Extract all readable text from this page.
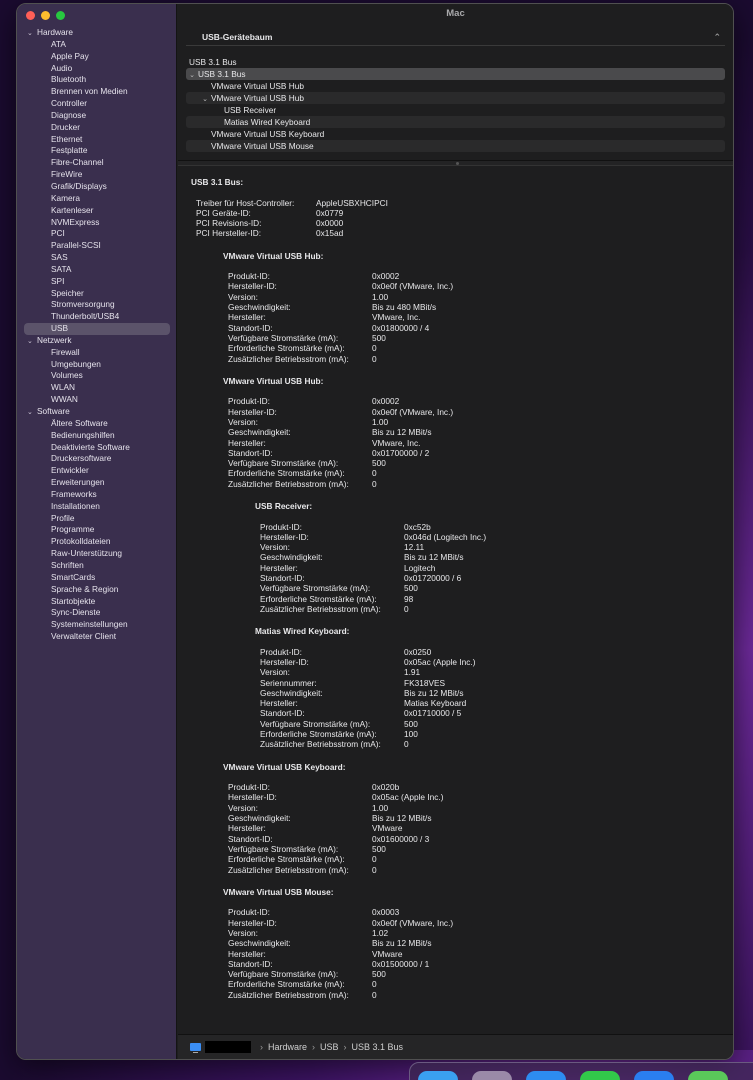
⌄ Hardware
ATA
Apple Pay
Audio
Bluetooth
Brennen von Medien
Controller
Diagnose
Drucker
Ethernet
Festplatte
Fibre-Channel
FireWire
Grafik/Displays
Kamera
Kartenleser
NVMExpress
PCI
Parallel-SCSI
SAS
SATA
SPI
Speicher
Stromversorgung
Thunderbolt/USB4
USB
⌄ Netzwerk
Firewall
Umgebungen
Volumes
WLAN
WWAN
⌄ Software
Ältere Software
Bedienungshilfen
Deaktivierte Software
Druckersoftware
Entwickler
Erweiterungen
Frameworks
Installationen
Profile
Programme
Protokolldateien
Raw-Unterstützung
Schriften
SmartCards
Sprache & Region
Startobjekte
Sync-Dienste
Systemeinstellungen
Verwalteter Client
Mac
USB-Gerätebaum	⌃
USB 3.1 Bus
⌄ USB 3.1 Bus
VMware Virtual USB Hub
⌄ VMware Virtual USB Hub
USB Receiver
Matias Wired Keyboard
VMware Virtual USB Keyboard
VMware Virtual USB Mouse
USB 3.1 Bus:
Treiber für Host-Controller:	AppleUSBXHCIPCI
PCI Geräte-ID:	0x0779
PCI Revisions-ID:	0x0000
PCI Hersteller-ID:	0x15ad
VMware Virtual USB Hub:
Produkt-ID:	0x0002
Hersteller-ID:	0x0e0f (VMware, Inc.)
Version:	1.00
Geschwindigkeit:	Bis zu 480 MBit/s
Hersteller:	VMware, Inc.
Standort-ID:	0x01800000 / 4
Verfügbare Stromstärke (mA):	500
Erforderliche Stromstärke (mA):	0
Zusätzlicher Betriebsstrom (mA):	0
VMware Virtual USB Hub:
Produkt-ID:	0x0002
Hersteller-ID:	0x0e0f (VMware, Inc.)
Version:	1.00
Geschwindigkeit:	Bis zu 12 MBit/s
Hersteller:	VMware, Inc.
Standort-ID:	0x01700000 / 2
Verfügbare Stromstärke (mA):	500
Erforderliche Stromstärke (mA):	0
Zusätzlicher Betriebsstrom (mA):	0
USB Receiver:
Produkt-ID:	0xc52b
Hersteller-ID:	0x046d (Logitech Inc.)
Version:	12.11
Geschwindigkeit:	Bis zu 12 MBit/s
Hersteller:	Logitech
Standort-ID:	0x01720000 / 6
Verfügbare Stromstärke (mA):	500
Erforderliche Stromstärke (mA):	98
Zusätzlicher Betriebsstrom (mA):	0
Matias Wired Keyboard:
Produkt-ID:	0x0250
Hersteller-ID:	0x05ac (Apple Inc.)
Version:	1.91
Seriennummer:	FK318VES
Geschwindigkeit:	Bis zu 12 MBit/s
Hersteller:	Matias Keyboard
Standort-ID:	0x01710000 / 5
Verfügbare Stromstärke (mA):	500
Erforderliche Stromstärke (mA):	100
Zusätzlicher Betriebsstrom (mA):	0
VMware Virtual USB Keyboard:
Produkt-ID:	0x020b
Hersteller-ID:	0x05ac (Apple Inc.)
Version:	1.00
Geschwindigkeit:	Bis zu 12 MBit/s
Hersteller:	VMware
Standort-ID:	0x01600000 / 3
Verfügbare Stromstärke (mA):	500
Erforderliche Stromstärke (mA):	0
Zusätzlicher Betriebsstrom (mA):	0
VMware Virtual USB Mouse:
Produkt-ID:	0x0003
Hersteller-ID:	0x0e0f (VMware, Inc.)
Version:	1.02
Geschwindigkeit:	Bis zu 12 MBit/s
Hersteller:	VMware
Standort-ID:	0x01500000 / 1
Verfügbare Stromstärke (mA):	500
Erforderliche Stromstärke (mA):	0
Zusätzlicher Betriebsstrom (mA):	0
› Hardware › USB › USB 3.1 Bus
